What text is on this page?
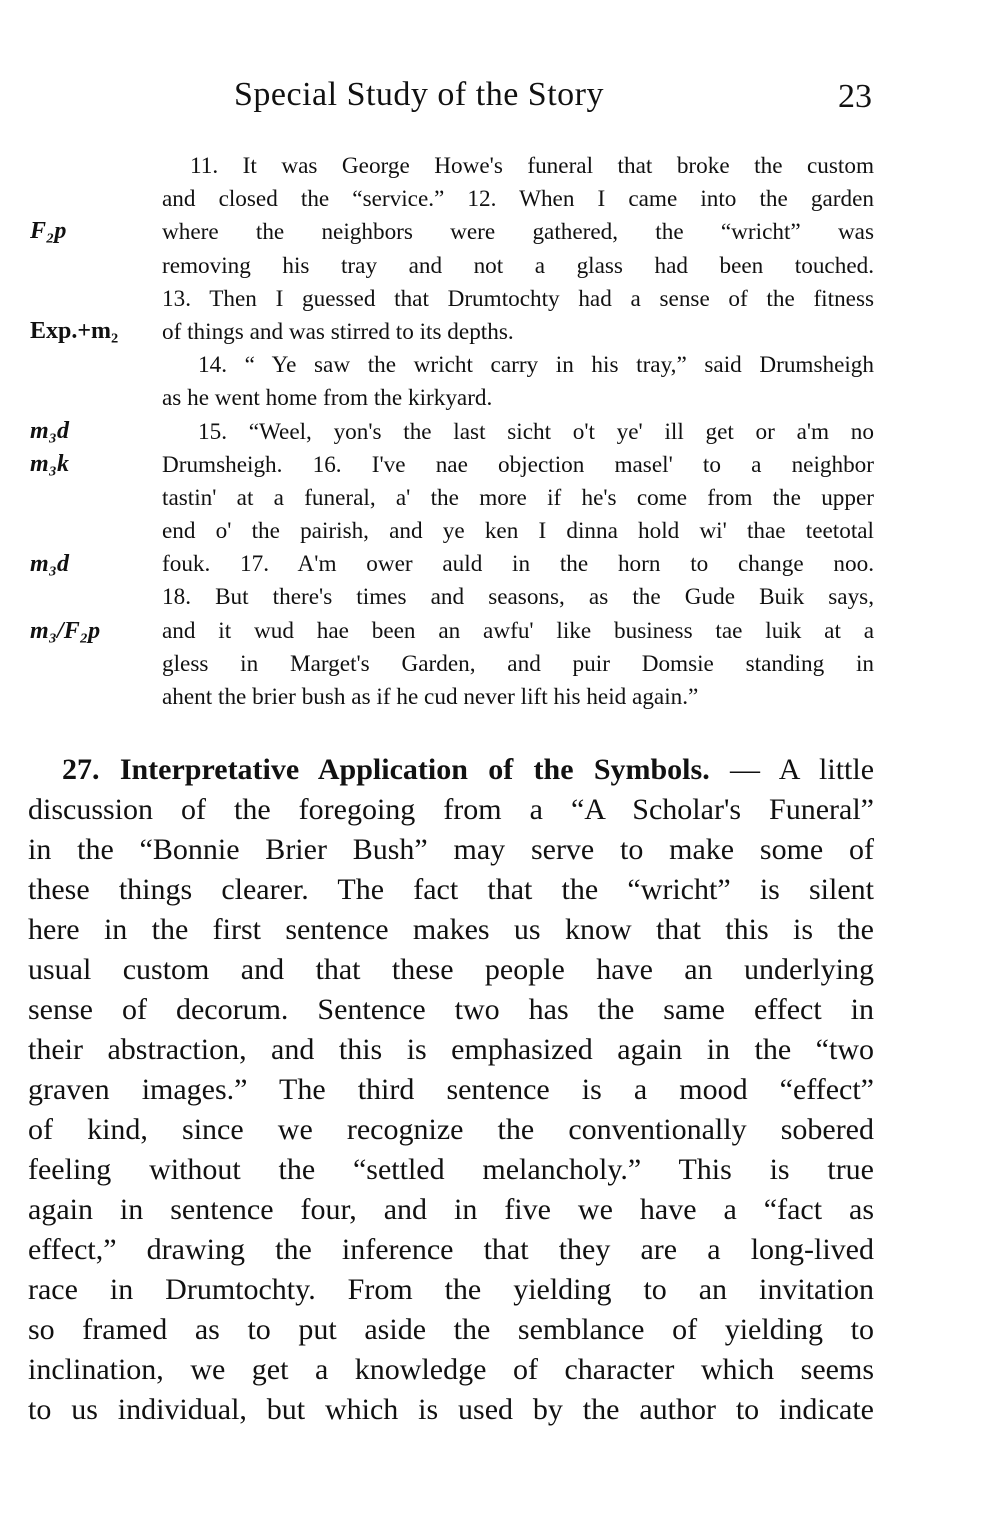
Special Study of the Story	23
F₂p
Exp.+m₂
m₃d
m₃k
m₃d
m₃/F₂p
11. It was George Howe's funeral that broke the custom
and closed the “service.” 12. When I came into the garden
where the neighbors were gathered, the “wricht” was
removing his tray and not a glass had been touched.
13. Then I guessed that Drumtochty had a sense of the fitness
of things and was stirred to its depths.
14. “ Ye saw the wricht carry in his tray,” said Drumsheigh
as he went home from the kirkyard.
15. “Weel, yon's the last sicht o't ye' ill get or a'm no
Drumsheigh. 16. I've nae objection masel' to a neighbor
tastin' at a funeral, a' the more if he's come from the upper
end o' the pairish, and ye ken I dinna hold wi' thae teetotal
fouk. 17. A'm ower auld in the horn to change noo.
18. But there's times and seasons, as the Gude Buik says,
and it wud hae been an awfu' like business tae luik at a
gless in Marget's Garden, and puir Domsie standing in
ahent the brier bush as if he cud never lift his heid again.”
27. Interpretative Application of the Symbols. — A little
discussion of the foregoing from a “A Scholar's Funeral”
in the “Bonnie Brier Bush” may serve to make some of
these things clearer. The fact that the “wricht” is silent
here in the first sentence makes us know that this is the
usual custom and that these people have an underlying
sense of decorum. Sentence two has the same effect in
their abstraction, and this is emphasized again in the “two
graven images.” The third sentence is a mood “effect”
of kind, since we recognize the conventionally sobered
feeling without the “settled melancholy.” This is true
again in sentence four, and in five we have a “fact as
effect,” drawing the inference that they are a long-lived
race in Drumtochty. From the yielding to an invitation
so framed as to put aside the semblance of yielding to
inclination, we get a knowledge of character which seems
to us individual, but which is used by the author to indicate
